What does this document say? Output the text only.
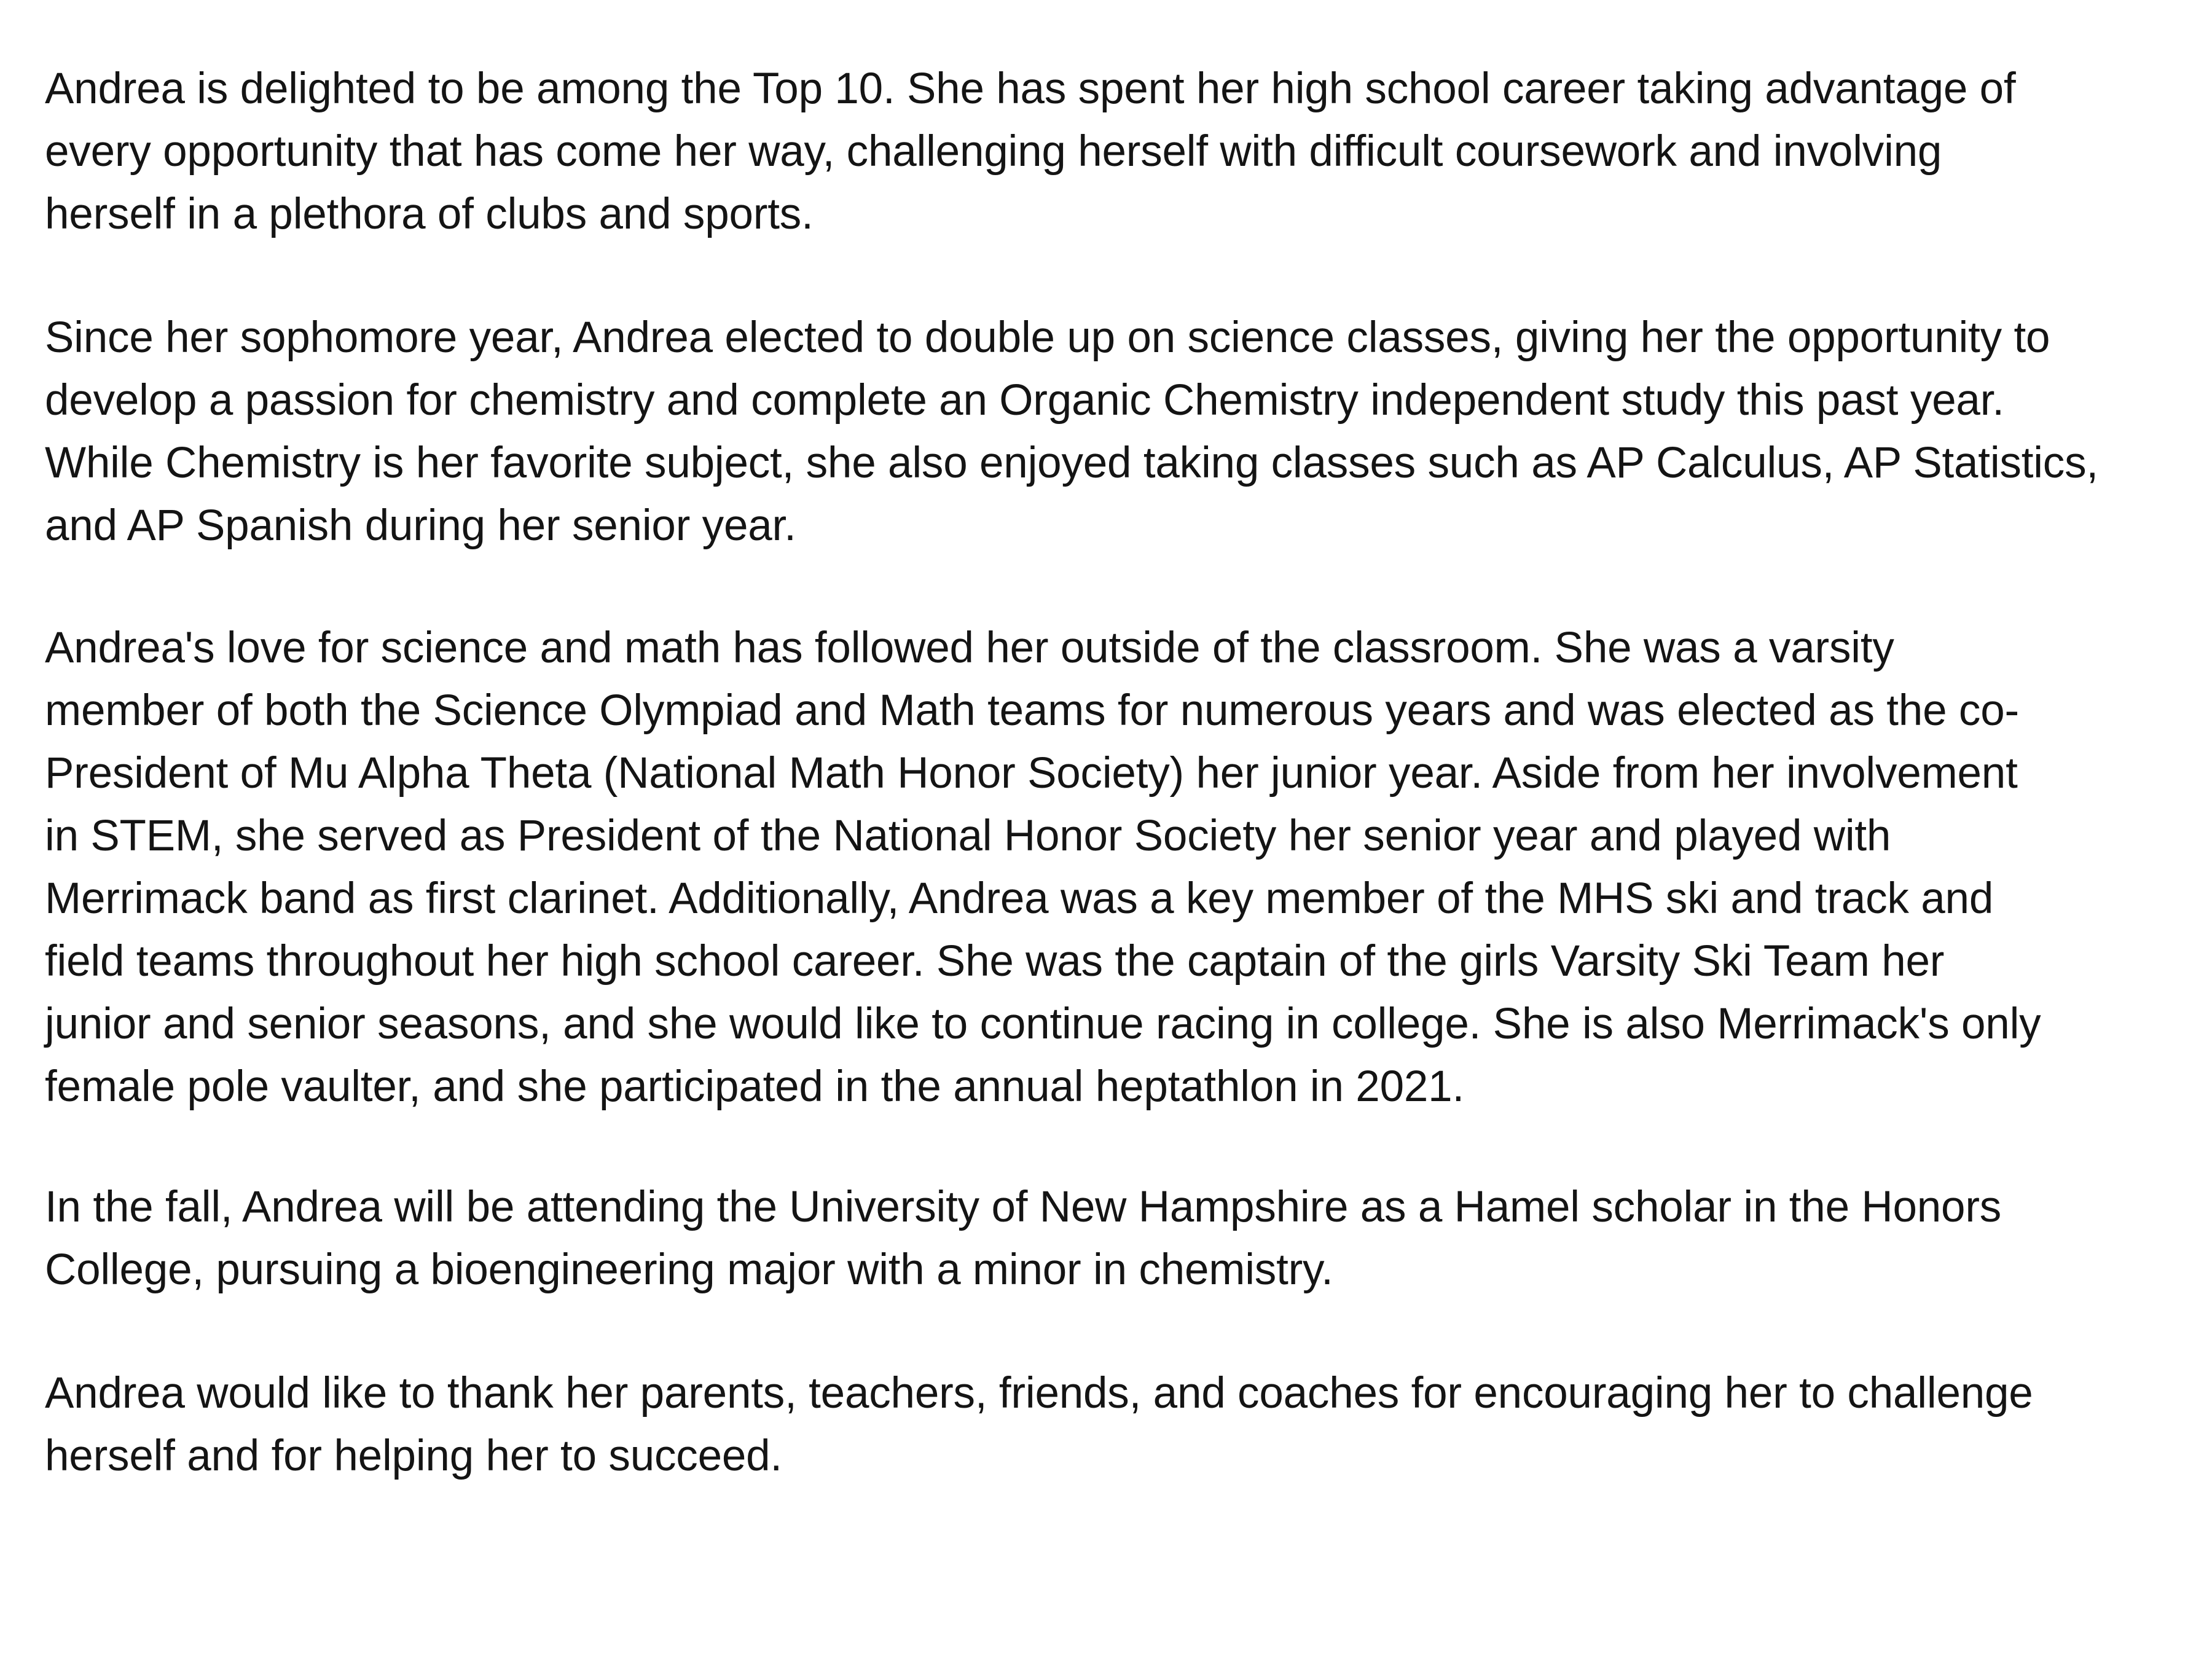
Andrea is delighted to be among the Top 10. She has spent her high school career taking advantage of
every opportunity that has come her way, challenging herself with difficult coursework and involving
herself in a plethora of clubs and sports.
Since her sophomore year, Andrea elected to double up on science classes, giving her the opportunity to
develop a passion for chemistry and complete an Organic Chemistry independent study this past year.
While Chemistry is her favorite subject, she also enjoyed taking classes such as AP Calculus, AP Statistics,
and AP Spanish during her senior year.
Andrea's love for science and math has followed her outside of the classroom. She was a varsity
member of both the Science Olympiad and Math teams for numerous years and was elected as the co-
President of Mu Alpha Theta (National Math Honor Society) her junior year. Aside from her involvement
in STEM, she served as President of the National Honor Society her senior year and played with
Merrimack band as first clarinet. Additionally, Andrea was a key member of the MHS ski and track and
field teams throughout her high school career. She was the captain of the girls Varsity Ski Team her
junior and senior seasons, and she would like to continue racing in college. She is also Merrimack's only
female pole vaulter, and she participated in the annual heptathlon in 2021.
In the fall, Andrea will be attending the University of New Hampshire as a Hamel scholar in the Honors
College, pursuing a bioengineering major with a minor in chemistry.
Andrea would like to thank her parents, teachers, friends, and coaches for encouraging her to challenge
herself and for helping her to succeed.
